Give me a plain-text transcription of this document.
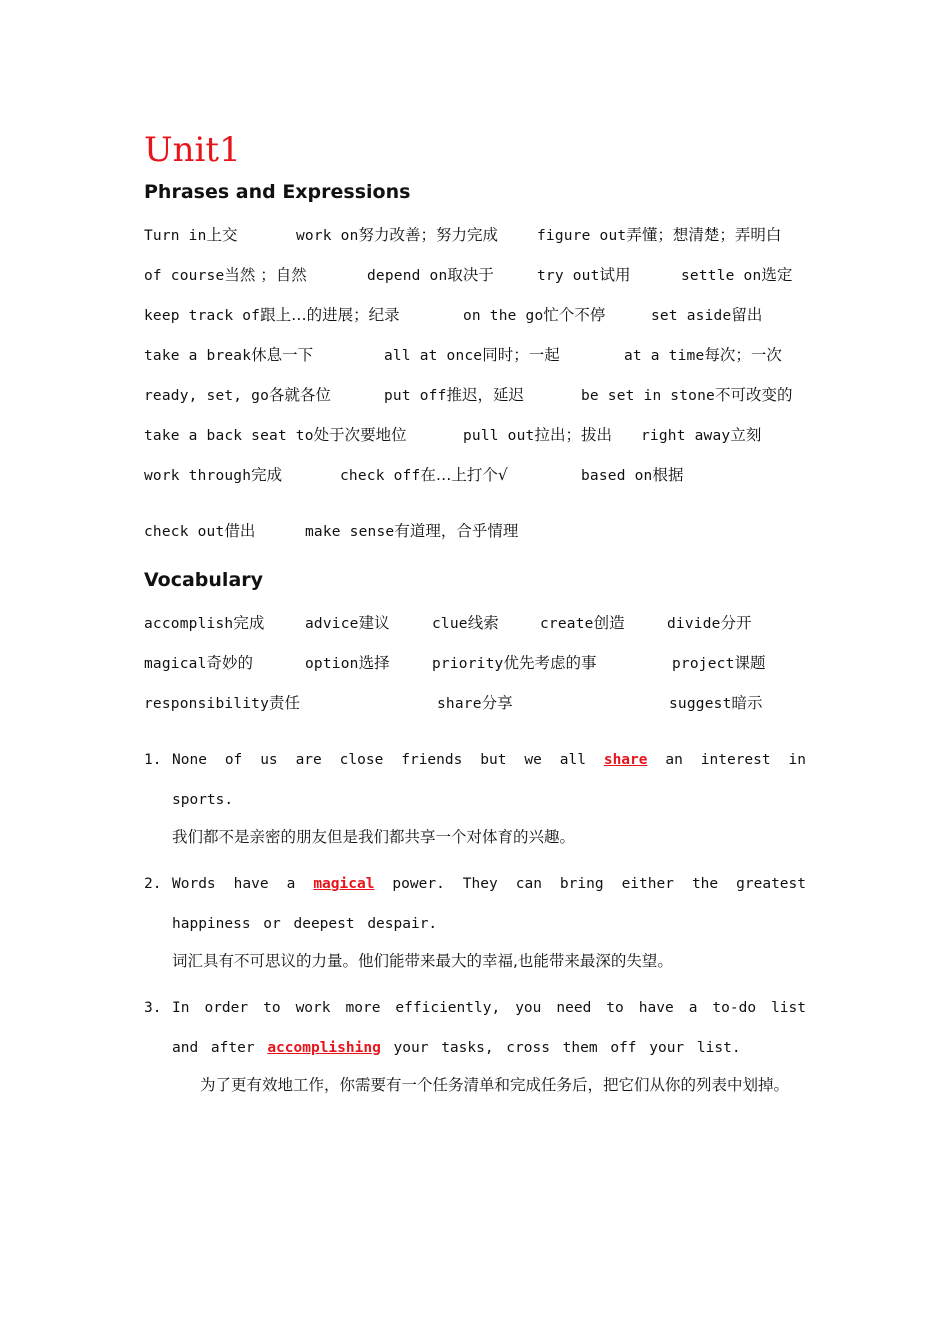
Unit1
Phrases and Expressions
Turn in上交	work on努力改善；努力完成	figure out弄懂；想清楚；弄明白
of course当然 ；自然	depend on取决于	try out试用	settle on选定
keep track of跟上…的进展；纪录	on the go忙个不停	set aside留出
take a break休息一下	all at once同时；一起	at a time每次；一次
ready, set, go各就各位	put off推迟，延迟	be set in stone不可改变的
take a back seat to处于次要地位	pull out拉出；拔出 right away立刻
work through完成	check off在…上打个√	based on根据
check out借出	make sense有道理，合乎情理
Vocabulary
accomplish完成	advice建议	clue线索	create创造	divide分开
magical奇妙的	option选择	priority优先考虑的事	project课题
responsibility责任	share分享	suggest暗示
1. None of us are close friends but we all share an interest in sports.
我们都不是亲密的朋友但是我们都共享一个对体育的兴趣。
2. Words have a magical power. They can bring either the greatest happiness or deepest despair.
词汇具有不可思议的力量。他们能带来最大的幸福,也能带来最深的失望。
3. In order to work more efficiently, you need to have a to-do list and after accomplishing your tasks, cross them off your list.
为了更有效地工作，你需要有一个任务清单和完成任务后，把它们从你的列表中划掉。
